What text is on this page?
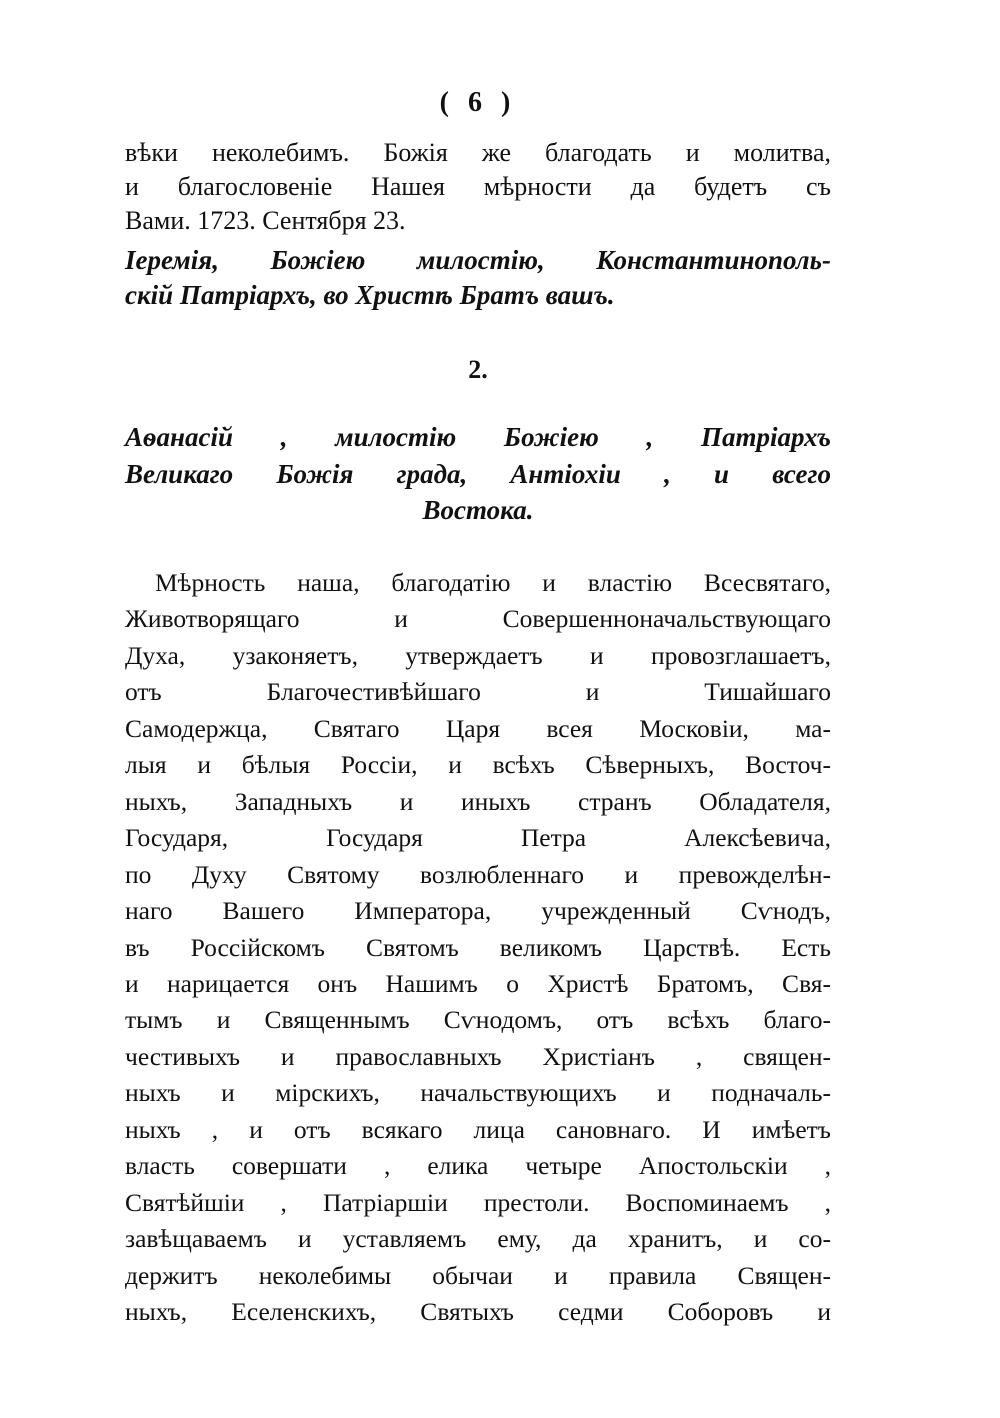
( 6 )
вѣки неколебимъ. Божія же благодать и молитва,
и благословеніе Нашея мѣрности да будетъ съ
Вами. 1723. Сентября 23.
Іеремія, Божіею милостію, Константинополь-
скій Патріархъ, во Христѣ Братъ вашъ.
2.
Аѳанасій , милостію Божіею , Патріархъ
Великаго Божія града, Антіохіи , и всего
Востока.
Мѣрность наша, благодатію и властію Всесвятаго,
Животворящаго и Совершенноначальствующаго
Духа, узаконяетъ, утверждаетъ и провозглашаетъ,
отъ Благочестивѣйшаго и Тишайшаго
Самодержца, Святаго Царя всея Московіи, ма-
лыя и бѣлыя Россіи, и всѣхъ Сѣверныхъ, Восточ-
ныхъ, Западныхъ и иныхъ странъ Обладателя,
Государя, Государя Петра Алексѣевича,
по Духу Святому возлюбленнаго и превожделѣн-
наго Вашего Императора, учрежденный Сѵнодъ,
въ Россійскомъ Святомъ великомъ Царствѣ. Есть
и нарицается онъ Нашимъ о Христѣ Братомъ, Свя-
тымъ и Священнымъ Сѵнодомъ, отъ всѣхъ благо-
честивыхъ и православныхъ Христіанъ , священ-
ныхъ и мірскихъ, начальствующихъ и подначаль-
ныхъ , и отъ всякаго лица сановнаго. И имѣетъ
власть совершати , елика четыре Апостольскіи ,
Святѣйшіи , Патріаршіи престоли. Воспоминаемъ ,
завѣщаваемъ и уставляемъ ему, да хранитъ, и со-
держитъ неколебимы обычаи и правила Священ-
ныхъ, Еселенскихъ, Святыхъ седми Соборовъ и
